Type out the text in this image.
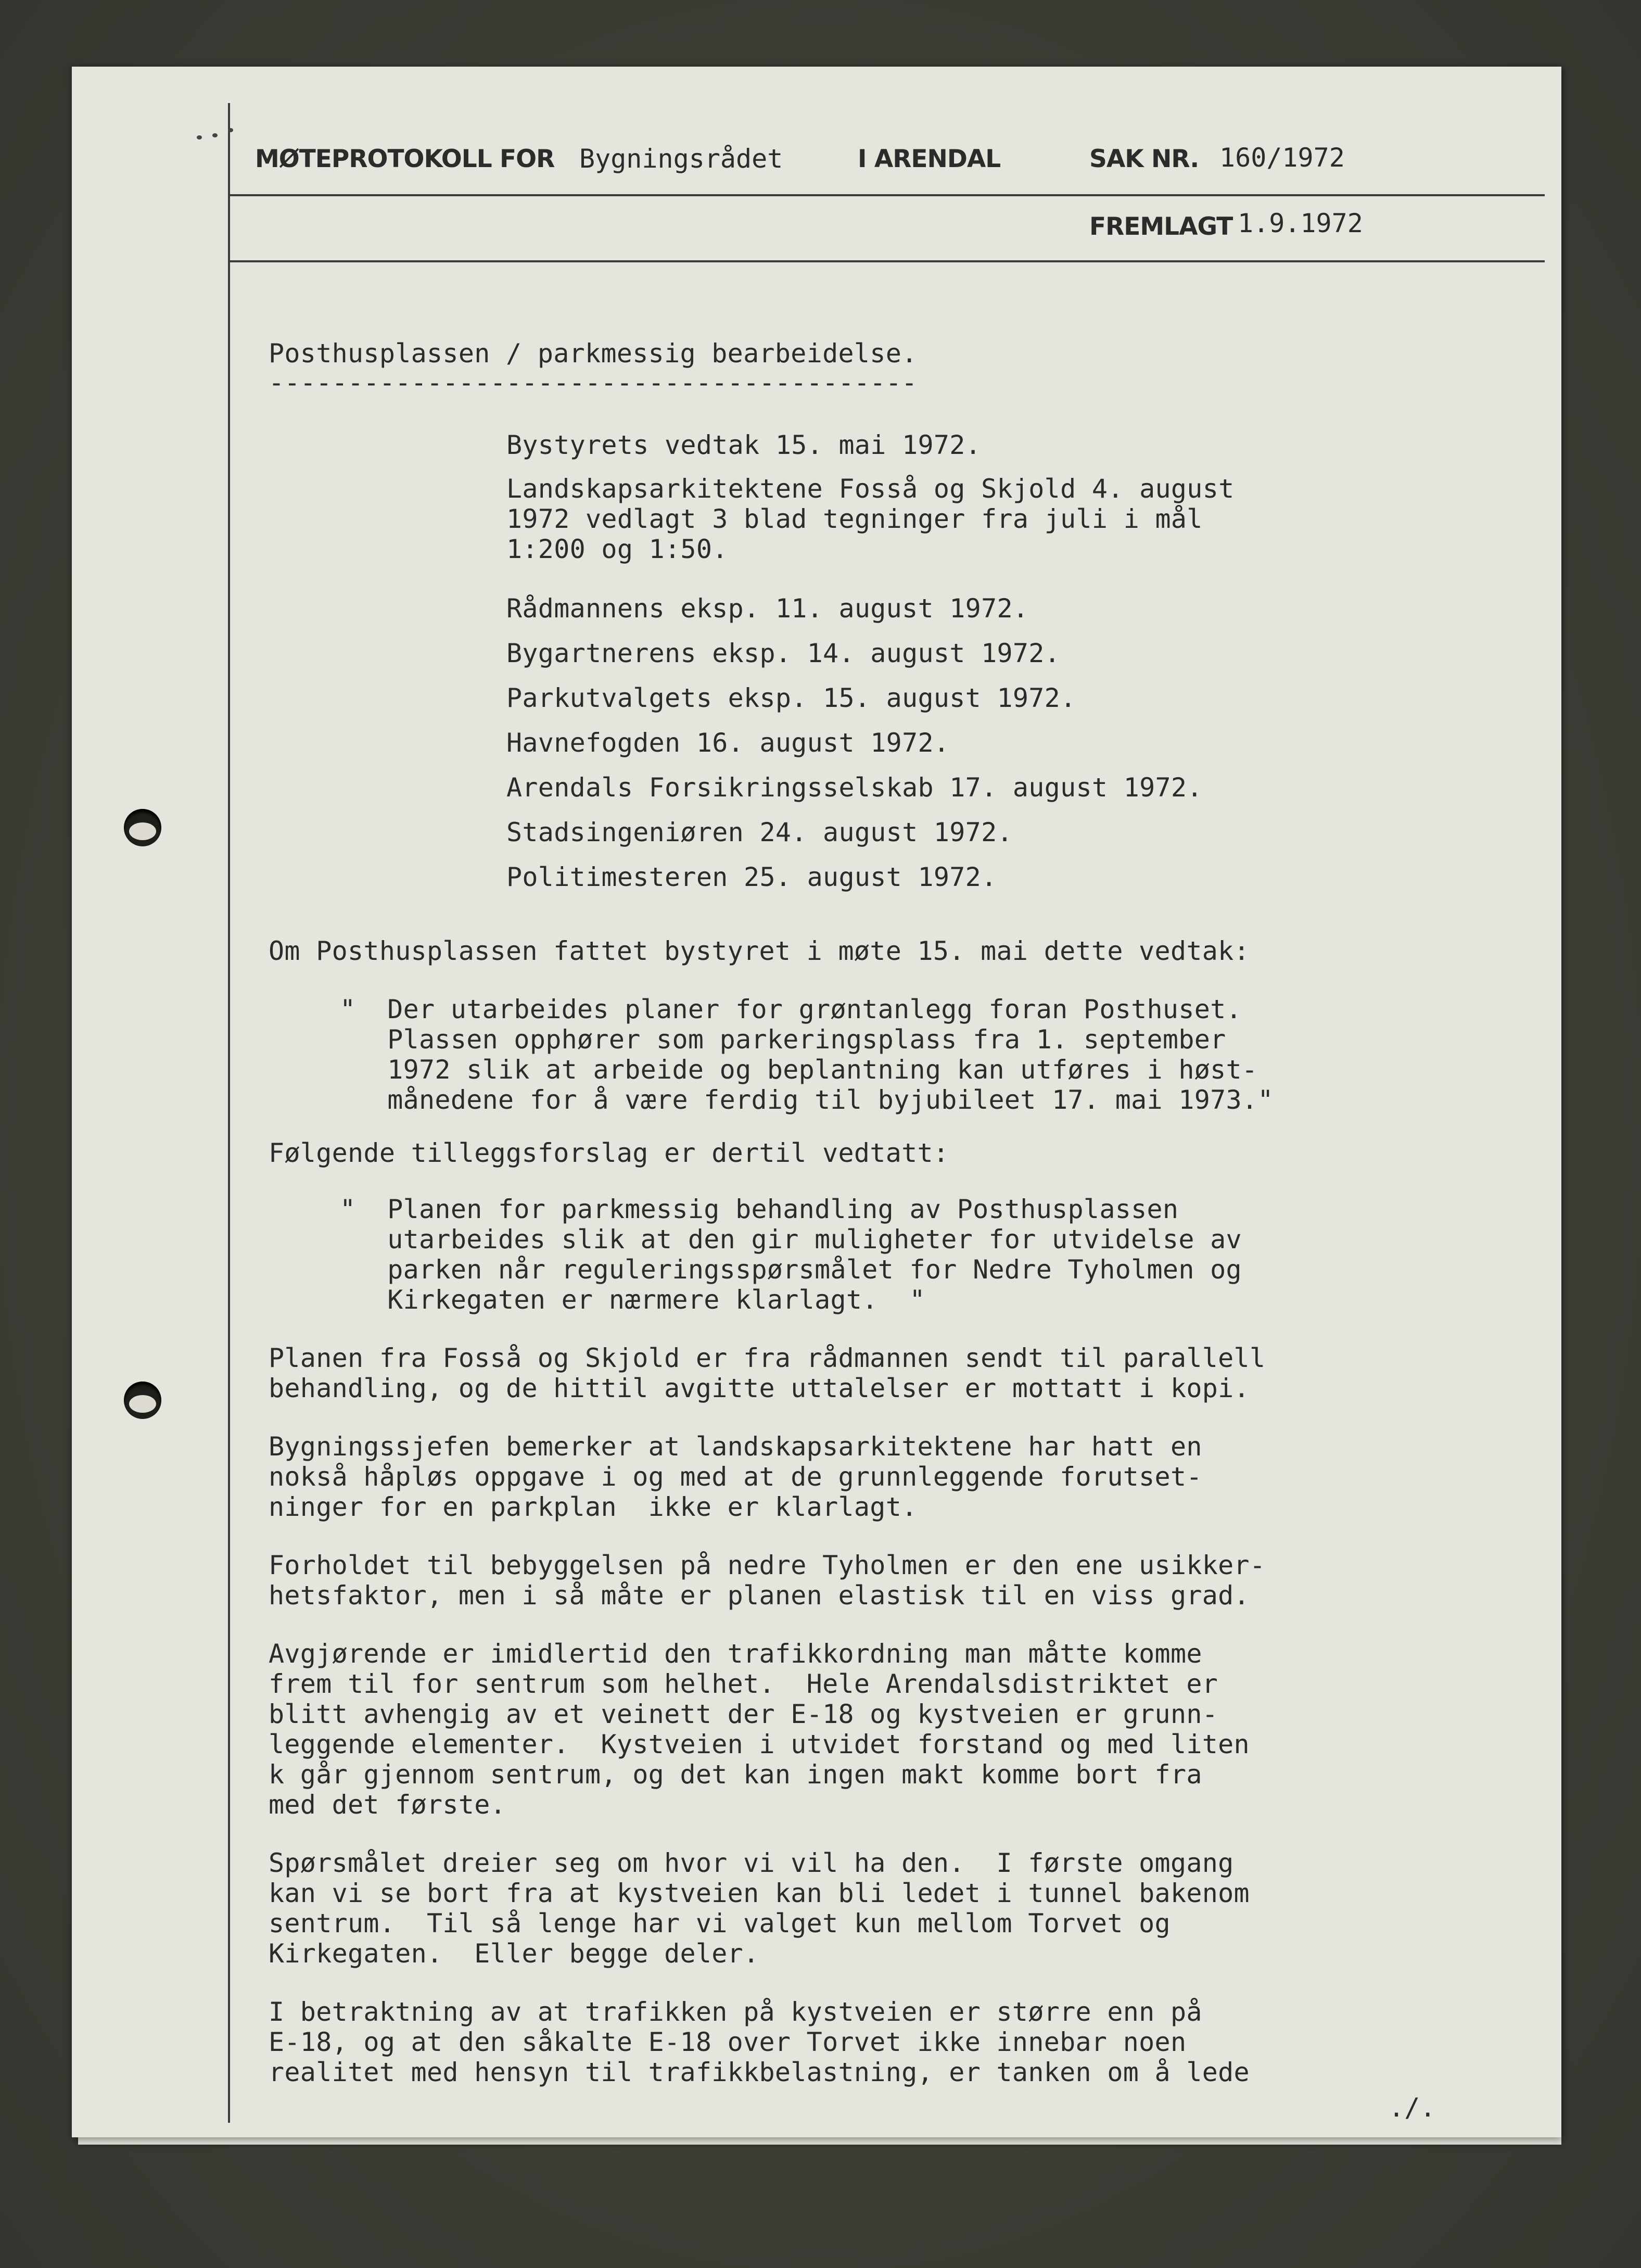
MØTEPROTOKOLL FOR Bygningsrådet	I ARENDAL	SAK NR. 160/1972
FREMLAGT 1.9.1972
Posthusplassen / parkmessig bearbeidelse.
-----------------------------------------
Bystyrets vedtak 15. mai 1972.
Landskapsarkitektene Fosså og Skjold 4. august
1972 vedlagt 3 blad tegninger fra juli i mål
1:200 og 1:50.
Rådmannens eksp. 11. august 1972.
Bygartnerens eksp. 14. august 1972.
Parkutvalgets eksp. 15. august 1972.
Havnefogden 16. august 1972.
Arendals Forsikringsselskab 17. august 1972.
Stadsingeniøren 24. august 1972.
Politimesteren 25. august 1972.
Om Posthusplassen fattet bystyret i møte 15. mai dette vedtak:
"  Der utarbeides planer for grøntanlegg foran Posthuset.
Plassen opphører som parkeringsplass fra 1. september
1972 slik at arbeide og beplantning kan utføres i høst-
månedene for å være ferdig til byjubileet 17. mai 1973."
Følgende tilleggsforslag er dertil vedtatt:
"  Planen for parkmessig behandling av Posthusplassen
utarbeides slik at den gir muligheter for utvidelse av
parken når reguleringsspørsmålet for Nedre Tyholmen og
Kirkegaten er nærmere klarlagt.  "
Planen fra Fosså og Skjold er fra rådmannen sendt til parallell
behandling, og de hittil avgitte uttalelser er mottatt i kopi.
Bygningssjefen bemerker at landskapsarkitektene har hatt en
nokså håpløs oppgave i og med at de grunnleggende forutset-
ninger for en parkplan  ikke er klarlagt.
Forholdet til bebyggelsen på nedre Tyholmen er den ene usikker-
hetsfaktor, men i så måte er planen elastisk til en viss grad.
Avgjørende er imidlertid den trafikkordning man måtte komme
frem til for sentrum som helhet.  Hele Arendalsdistriktet er
blitt avhengig av et veinett der E-18 og kystveien er grunn-
leggende elementer.  Kystveien i utvidet forstand og med liten
k går gjennom sentrum, og det kan ingen makt komme bort fra
med det første.
Spørsmålet dreier seg om hvor vi vil ha den.  I første omgang
kan vi se bort fra at kystveien kan bli ledet i tunnel bakenom
sentrum.  Til så lenge har vi valget kun mellom Torvet og
Kirkegaten.  Eller begge deler.
I betraktning av at trafikken på kystveien er større enn på
E-18, og at den såkalte E-18 over Torvet ikke innebar noen
realitet med hensyn til trafikkbelastning, er tanken om å lede
./.
